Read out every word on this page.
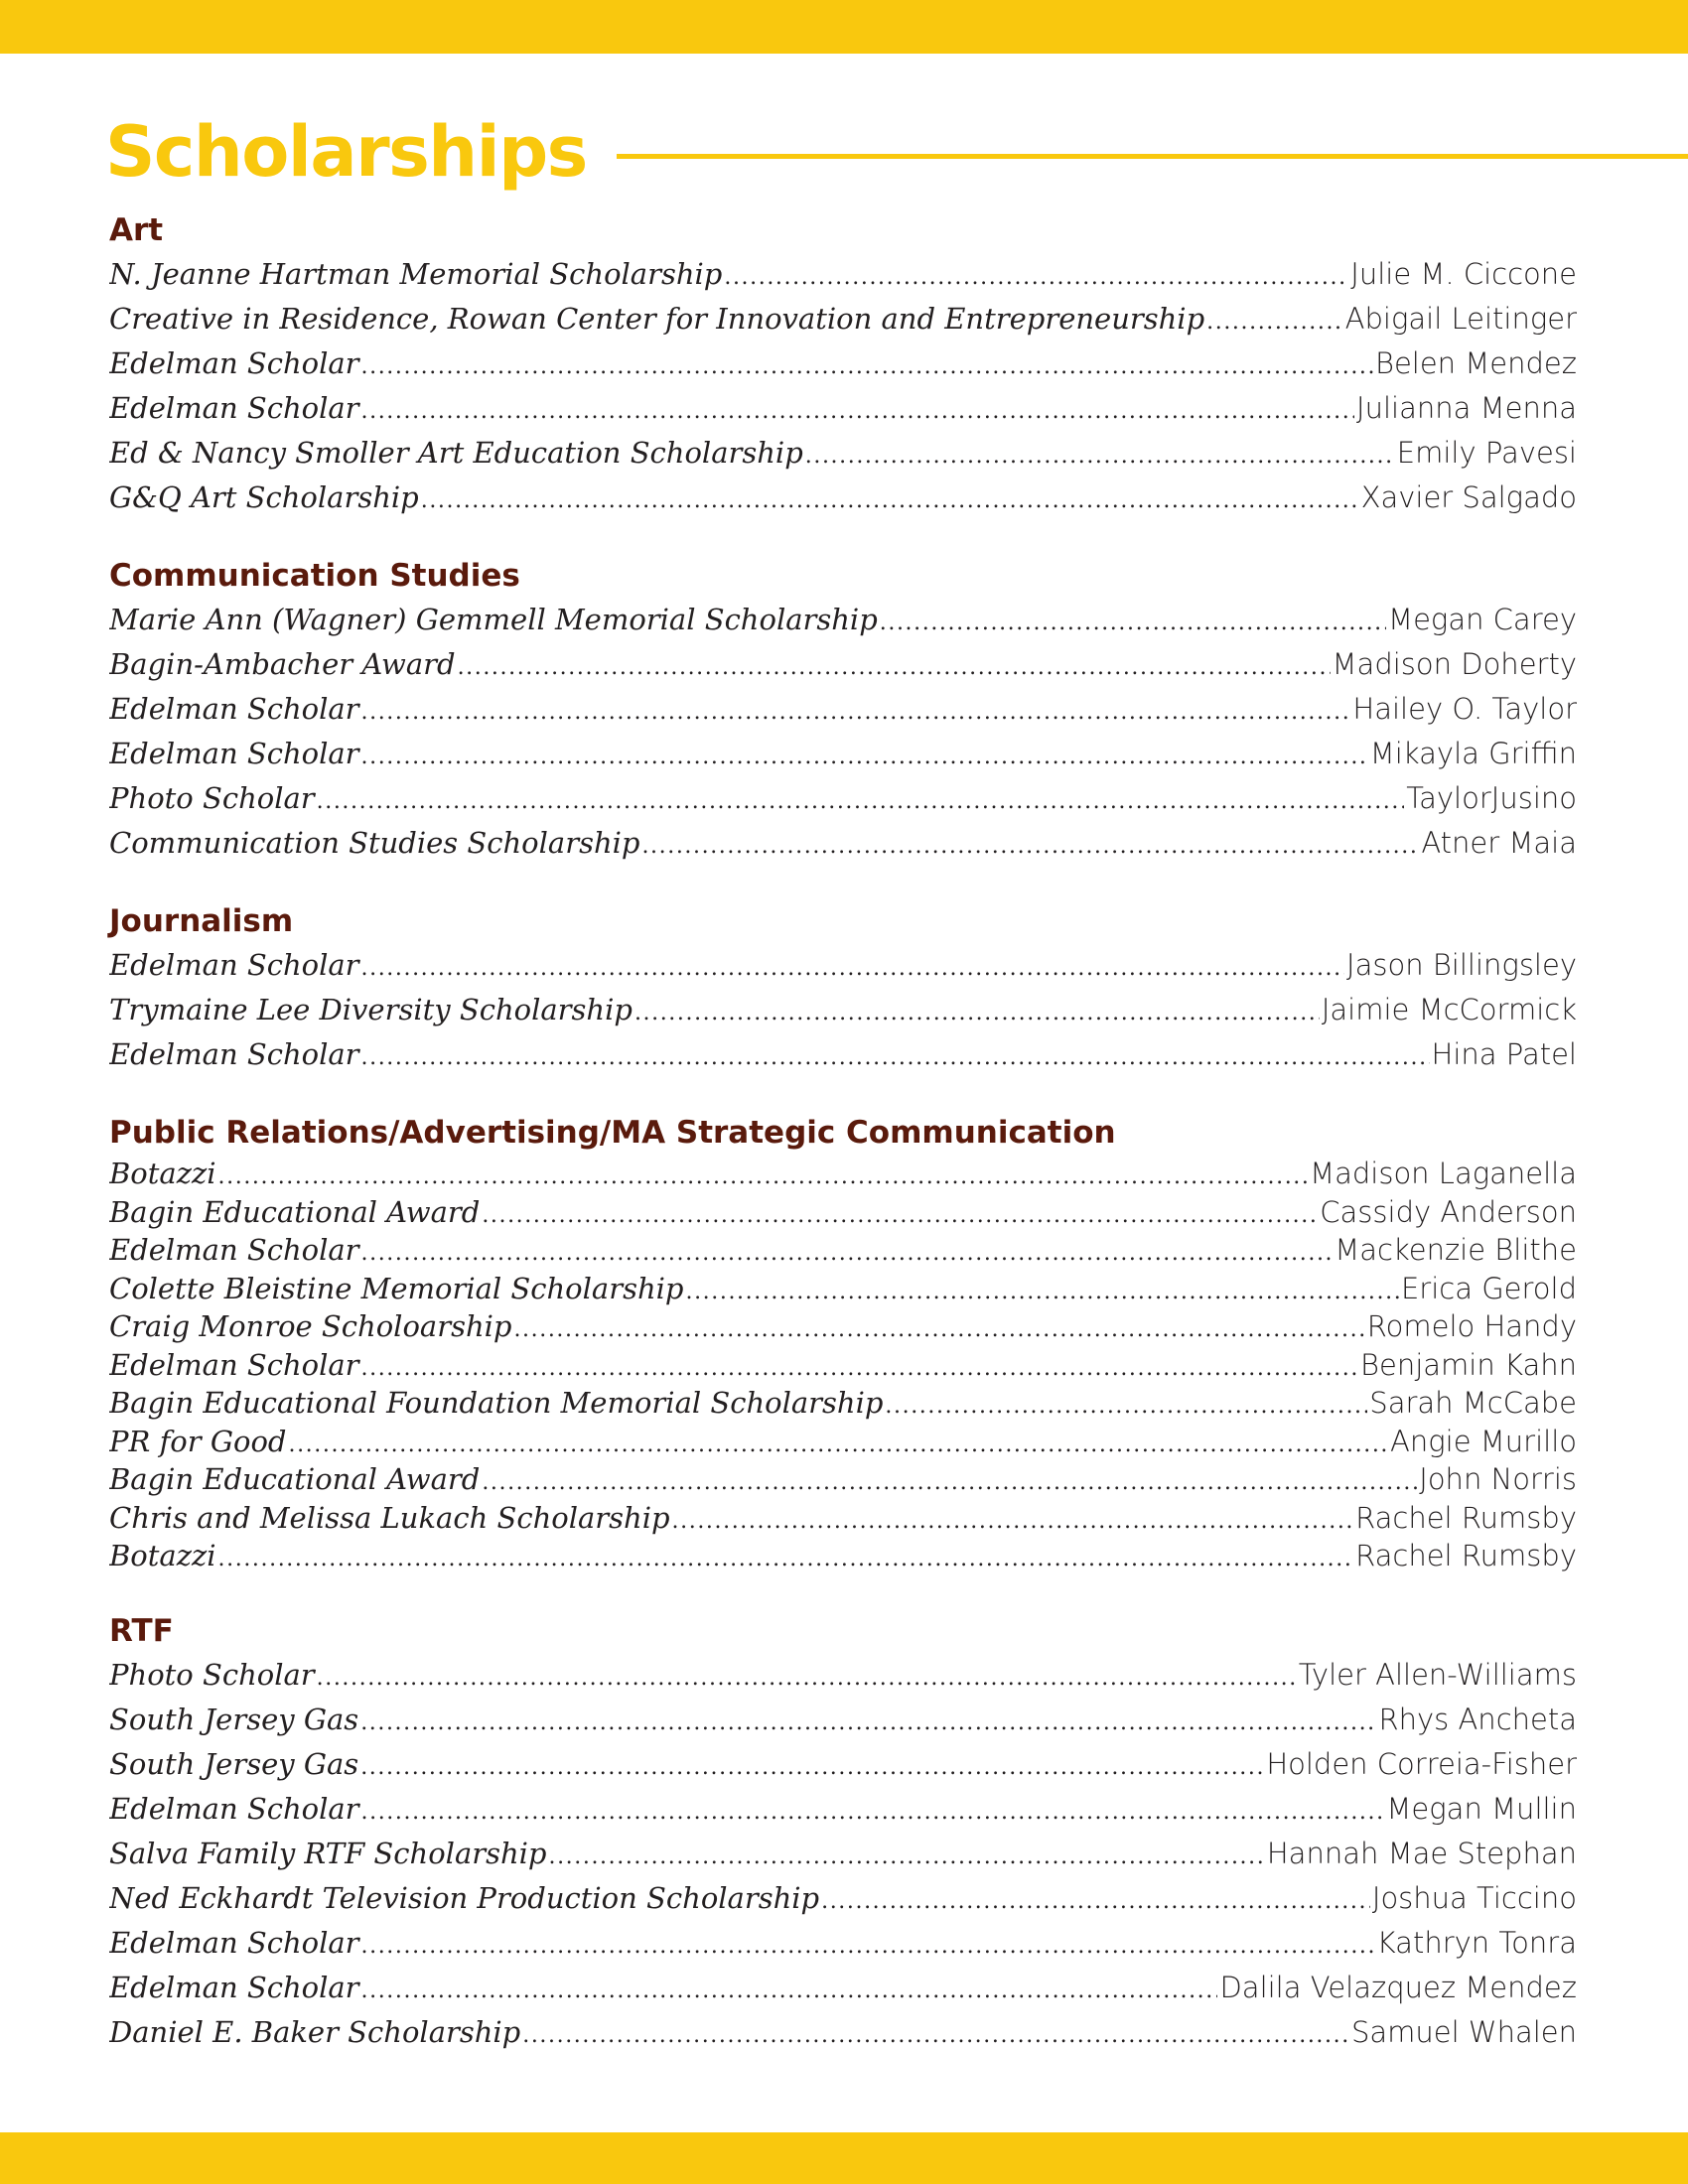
Scholarships
Art
N. Jeanne Hartman Memorial Scholarship .....	Julie M. Ciccone
Creative in Residence, Rowan Center for Innovation and Entrepreneurship .....	Abigail Leitinger
Edelman Scholar .....	Belen Mendez
Edelman Scholar .....	Julianna Menna
Ed & Nancy Smoller Art Education Scholarship .....	Emily Pavesi
G&Q Art Scholarship .....	Xavier Salgado
Communication Studies
Marie Ann (Wagner) Gemmell Memorial Scholarship .....	Megan Carey
Bagin-Ambacher Award .....	Madison Doherty
Edelman Scholar .....	Hailey O. Taylor
Edelman Scholar .....	Mikayla Griffin
Photo Scholar .....	TaylorJusino
Communication Studies Scholarship .....	Atner Maia
Journalism
Edelman Scholar .....	Jason Billingsley
Trymaine Lee Diversity Scholarship .....	Jaimie McCormick
Edelman Scholar .....	Hina Patel
Public Relations/Advertising/MA Strategic Communication
Botazzi .....	Madison Laganella
Bagin Educational Award .....	Cassidy Anderson
Edelman Scholar .....	Mackenzie Blithe
Colette Bleistine Memorial Scholarship .....	Erica Gerold
Craig Monroe Scholoarship .....	Romelo Handy
Edelman Scholar .....	Benjamin Kahn
Bagin Educational Foundation Memorial Scholarship .....	Sarah McCabe
PR for Good .....	Angie Murillo
Bagin Educational Award .....	John Norris
Chris and Melissa Lukach Scholarship .....	Rachel Rumsby
Botazzi .....	Rachel Rumsby
RTF
Photo Scholar .....	Tyler Allen-Williams
South Jersey Gas .....	Rhys Ancheta
South Jersey Gas .....	Holden Correia-Fisher
Edelman Scholar .....	Megan Mullin
Salva Family RTF Scholarship .....	Hannah Mae Stephan
Ned Eckhardt Television Production Scholarship .....	Joshua Ticcino
Edelman Scholar .....	Kathryn Tonra
Edelman Scholar .....	Dalila Velazquez Mendez
Daniel E. Baker Scholarship .....	Samuel Whalen
